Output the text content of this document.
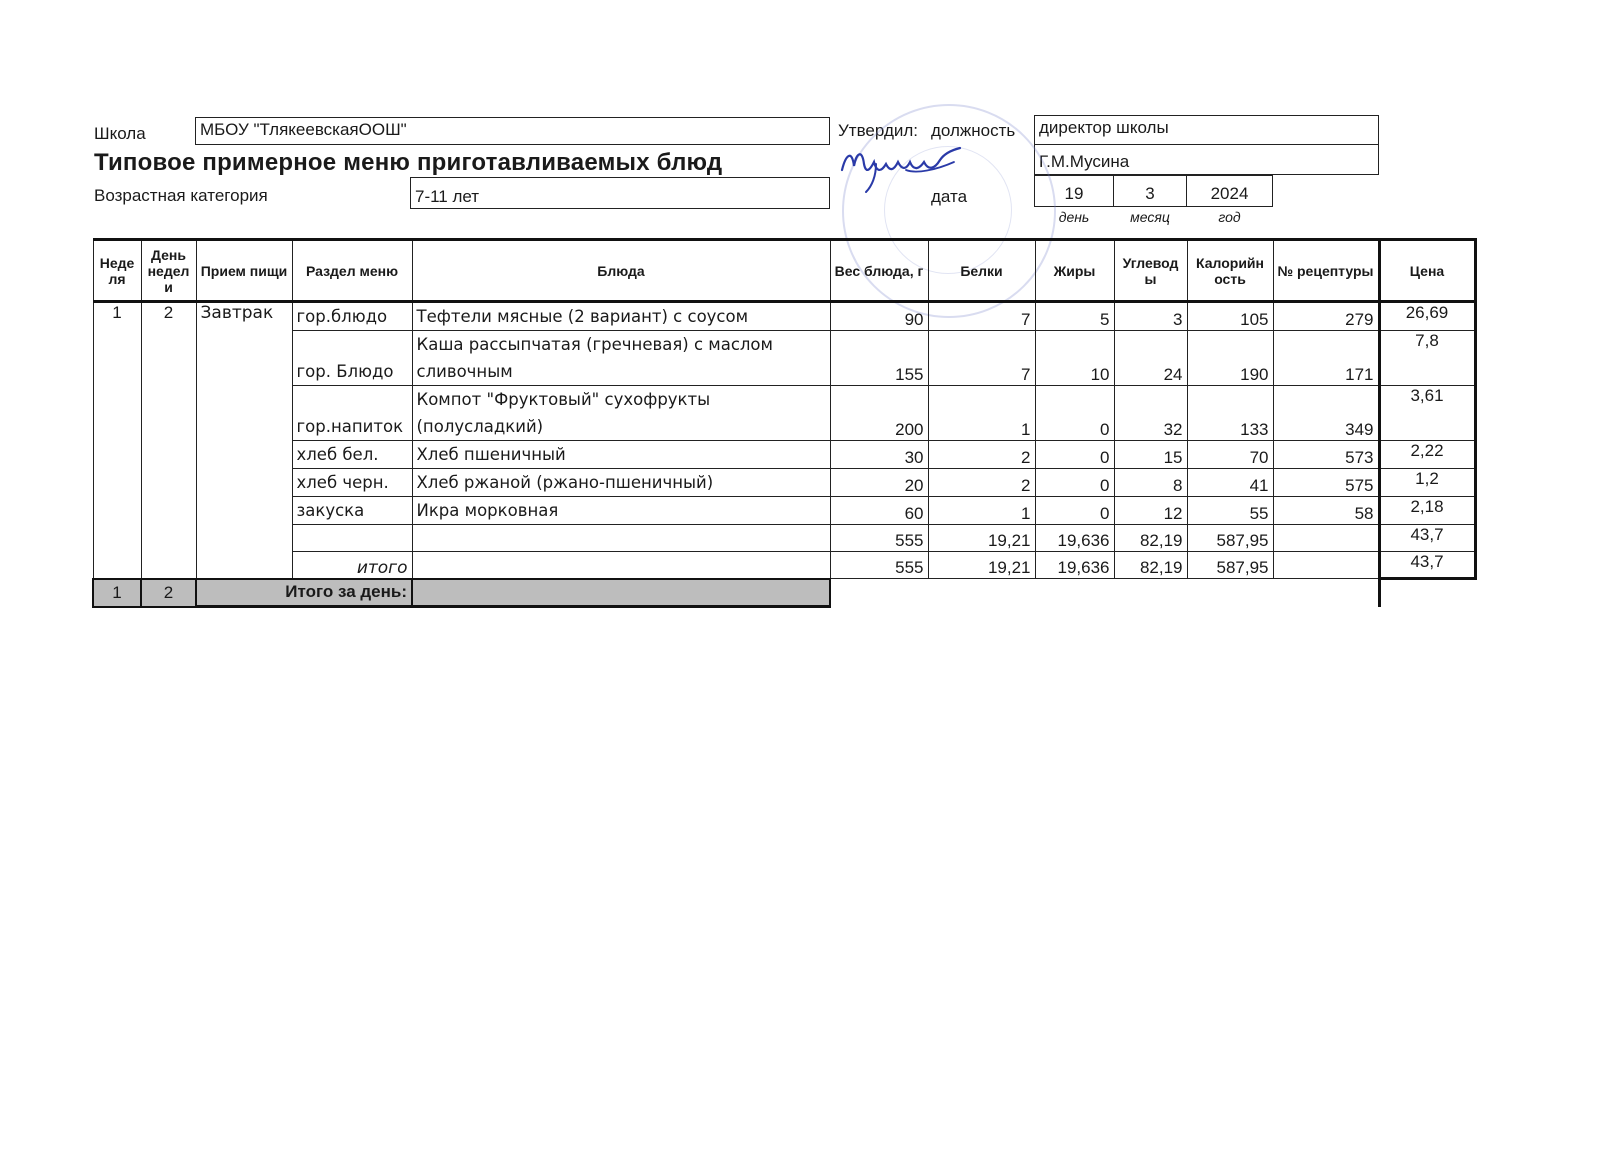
Школа	МБОУ "ТлякеевскаяООШ"	Утвердил: должность директор школы
Г.М.Мусина
Типовое примерное меню приготавливаемых блюд
Возрастная категория	7-11 лет	дата	19	3	2024
день	месяц	год
Неде ля	День недел и	Прием пищи	Раздел меню	Блюда	Вес блюда, г	Белки	Жиры	Углевод ы	Калорийн ость	№ рецептуры	Цена
1	2	Завтрак	гор.блюдо	Тефтели мясные (2 вариант) с соусом	90	7	5	3	105	279	26,69
			гор. Блюдо	Каша рассыпчатая (гречневая) с маслом сливочным	155	7	10	24	190	171	7,8
			гор.напиток	Компот "Фруктовый" сухофрукты (полусладкий)	200	1	0	32	133	349	3,61
			хлеб бел.	Хлеб пшеничный	30	2	0	15	70	573	2,22
			хлеб черн.	Хлеб ржаной (ржано-пшеничный)	20	2	0	8	41	575	1,2
			закуска	Икра морковная	60	1	0	12	55	58	2,18
					555	19,21	19,636	82,19	587,95		43,7
			итого		555	19,21	19,636	82,19	587,95		43,7
1	2	Итого за день:									
